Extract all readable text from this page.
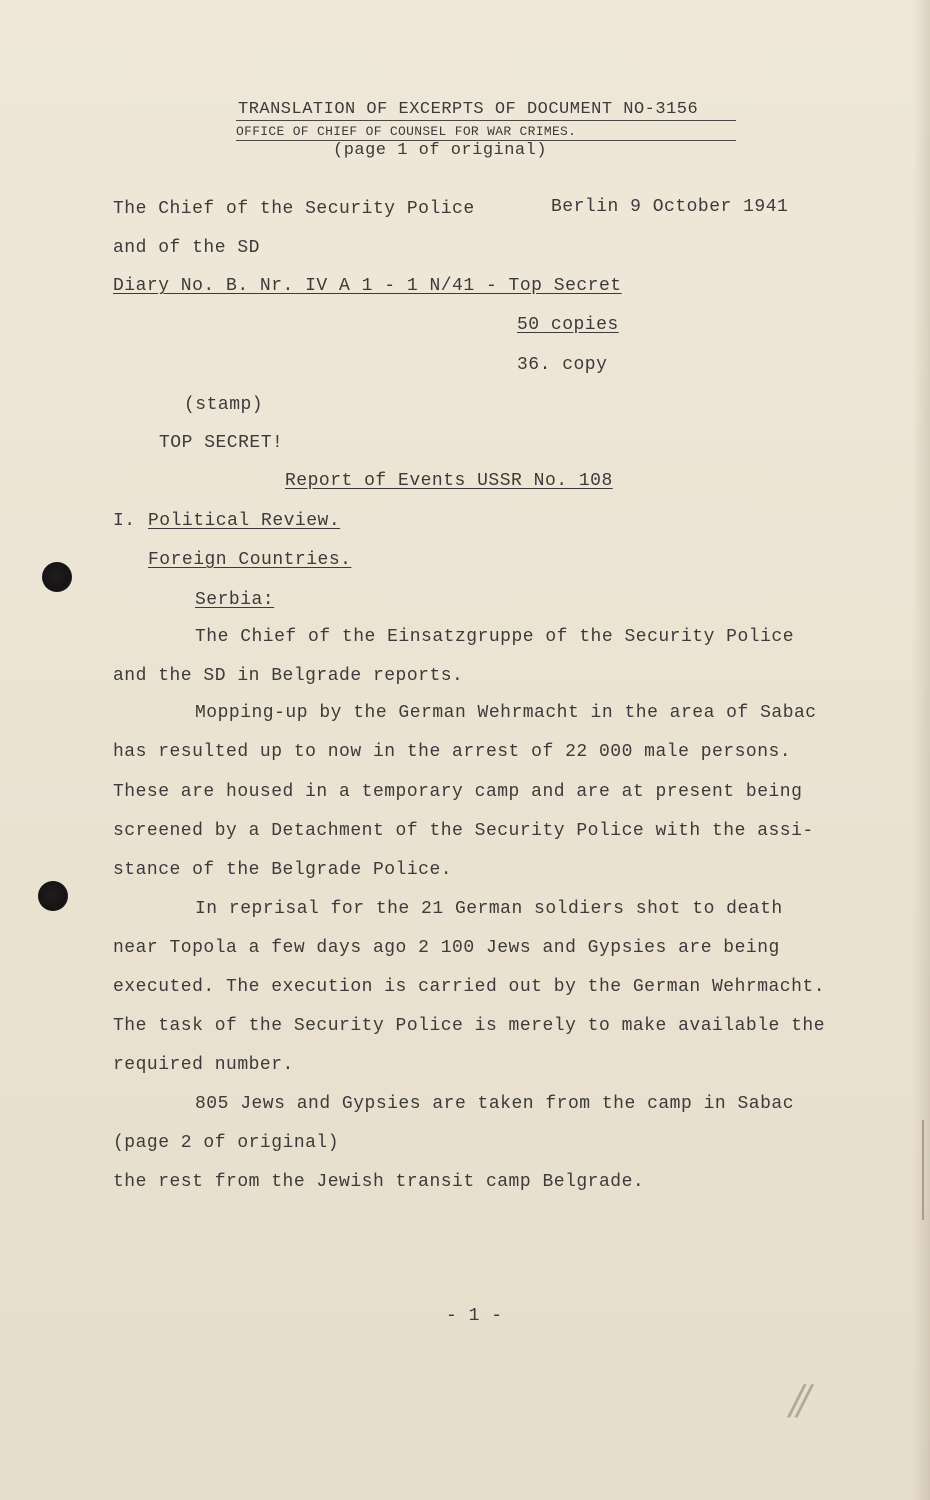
TRANSLATION OF EXCERPTS OF DOCUMENT NO-3156
OFFICE OF CHIEF OF COUNSEL FOR WAR CRIMES.
(page 1 of original)
The Chief of the Security Police	Berlin 9 October 1941
and of the SD
Diary No. B. Nr. IV A 1 - 1 N/41 - Top Secret
50 copies
36. copy
(stamp)
TOP SECRET!
Report of Events USSR No. 108
I. Political Review.
Foreign Countries.
Serbia:
The Chief of the Einsatzgruppe of the Security Police
and the SD in Belgrade reports.
Mopping-up by the German Wehrmacht in the area of Sabac
has resulted up to now in the arrest of 22 000 male persons.
These are housed in a temporary camp and are at present being
screened by a Detachment of the Security Police with the assi-
stance of the Belgrade Police.
In reprisal for the 21 German soldiers shot to death
near Topola a few days ago 2 100 Jews and Gypsies are being
executed. The execution is carried out by the German Wehrmacht.
The task of the Security Police is merely to make available the
required number.
805 Jews and Gypsies are taken from the camp in Sabac
(page 2 of original)
the rest from the Jewish transit camp Belgrade.
- 1 -
//
